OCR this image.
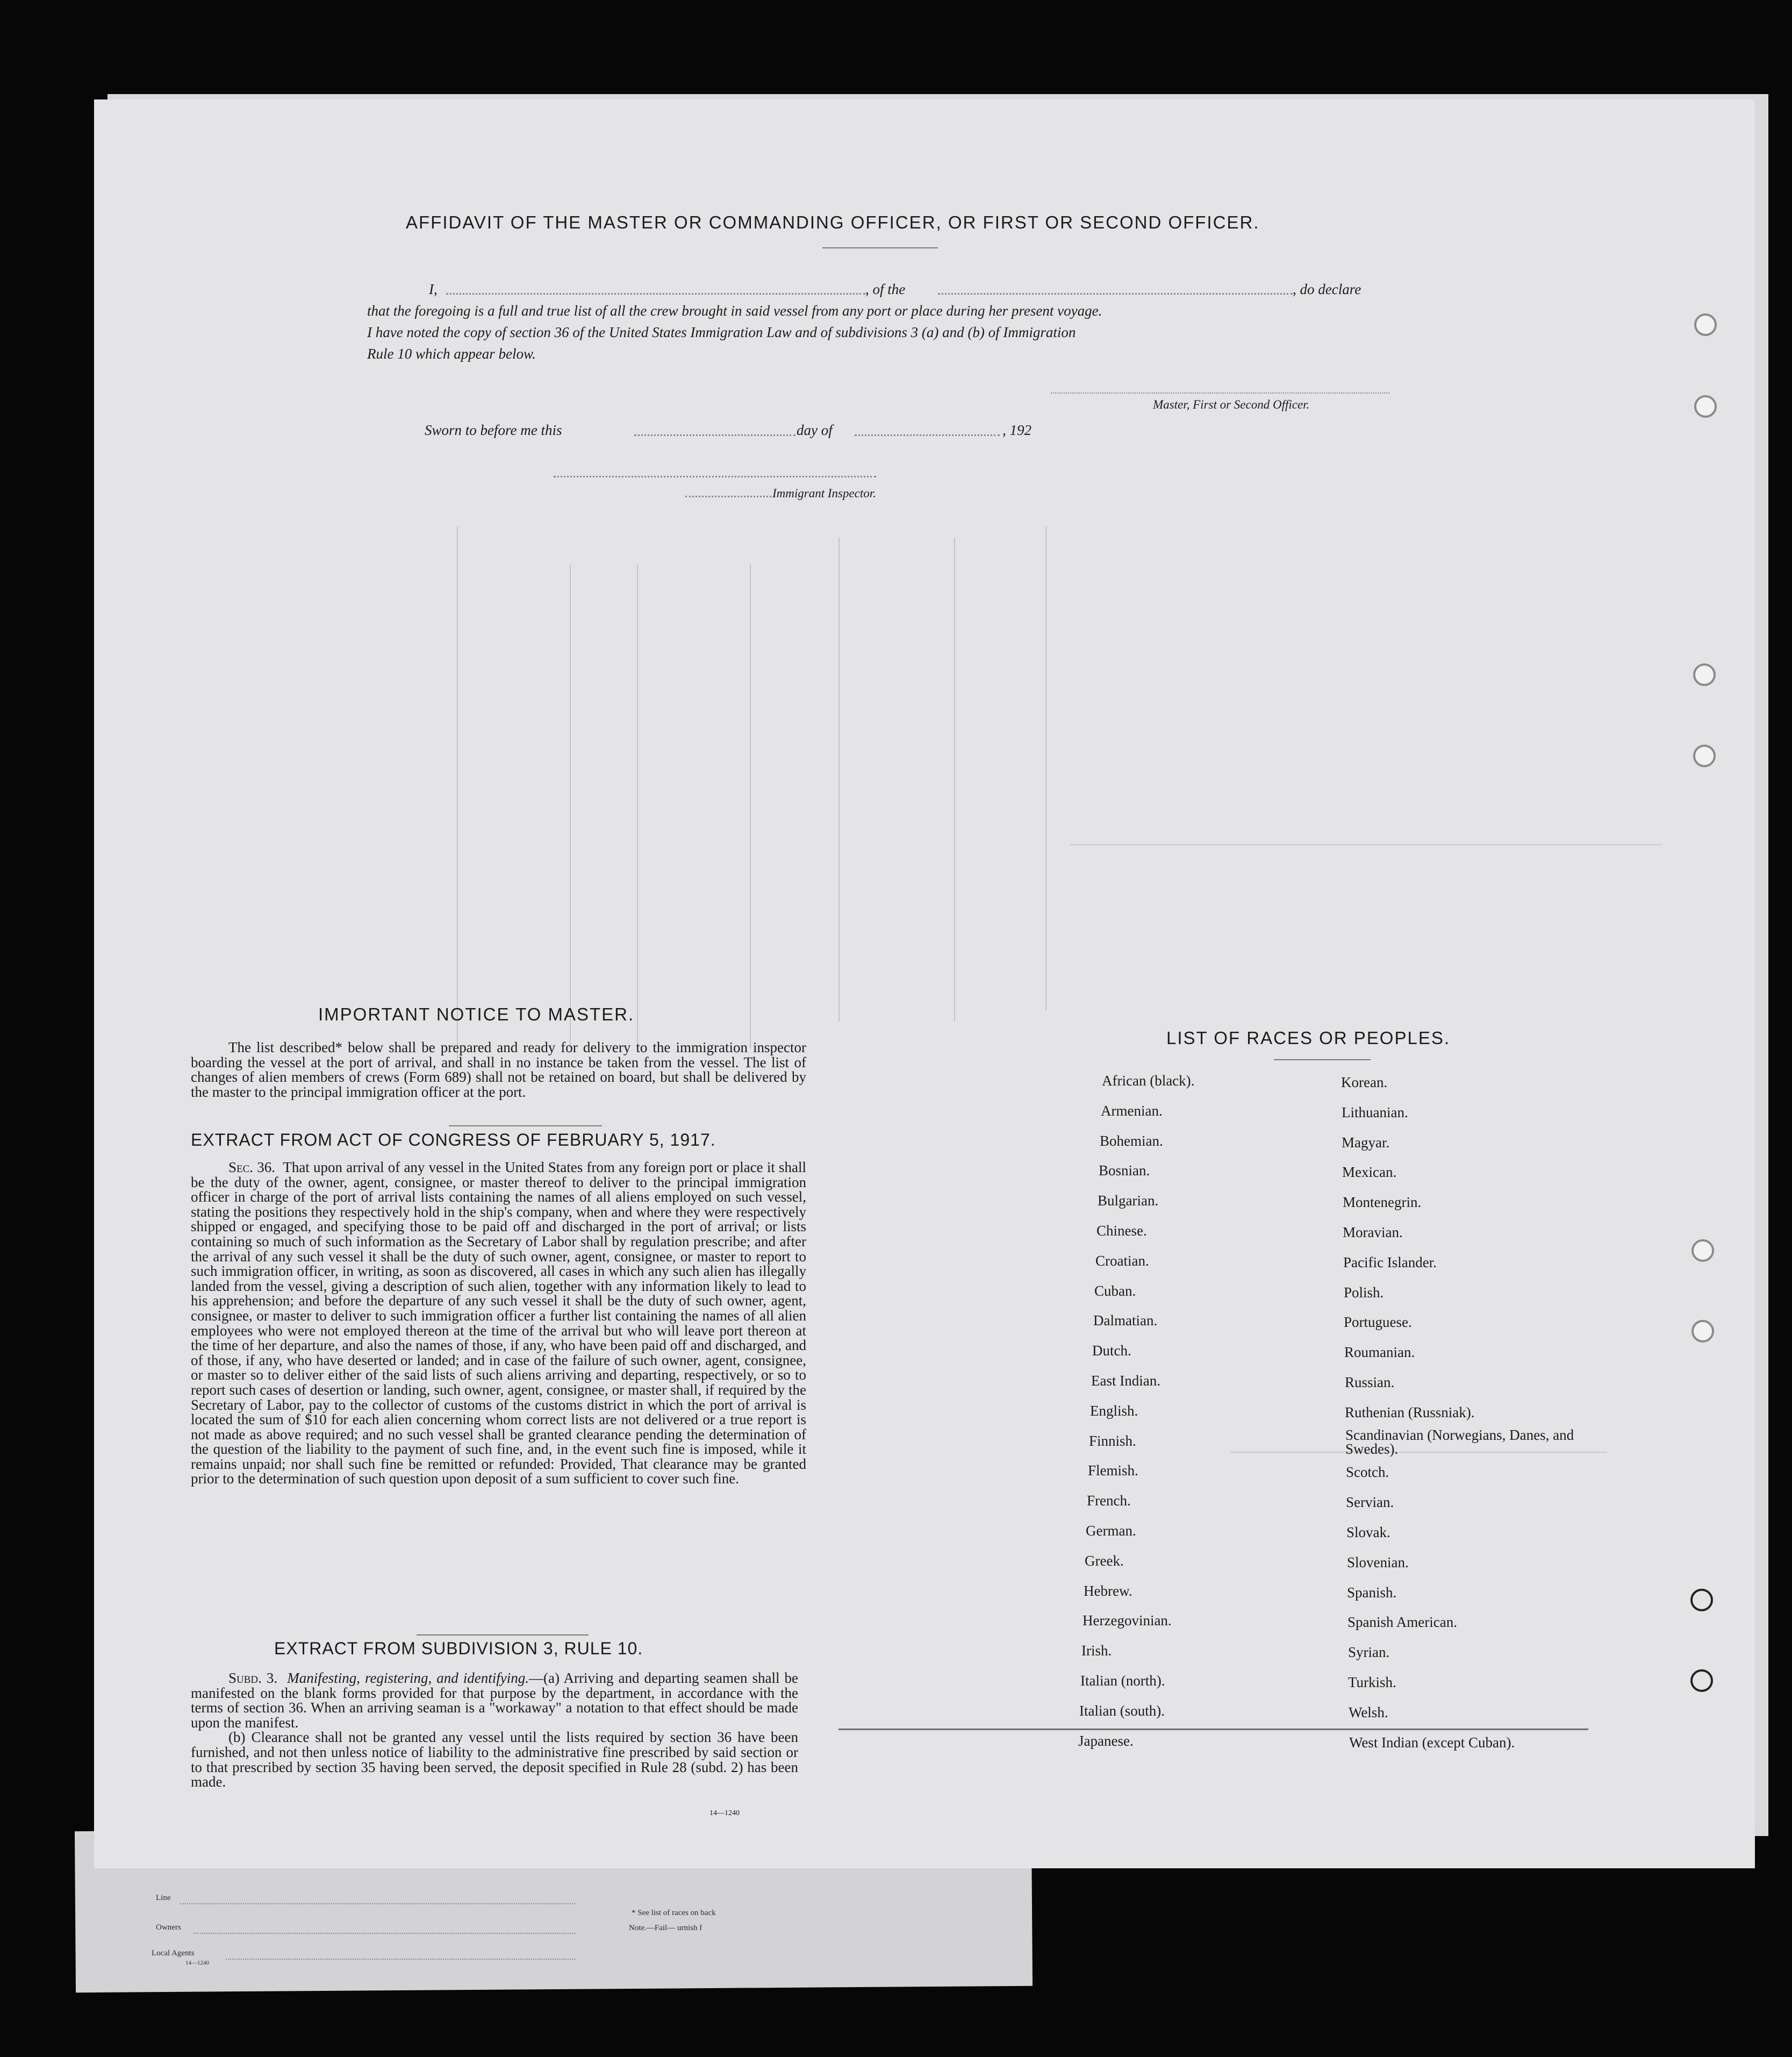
AFFIDAVIT OF THE MASTER OR COMMANDING OFFICER, OR FIRST OR SECOND OFFICER.
I,	, of the	, do declare
that the foregoing is a full and true list of all the crew brought in said vessel from any port or place during her present voyage.
I have noted the copy of section 36 of the United States Immigration Law and of subdivisions 3 (a) and (b) of Immigration
Rule 10 which appear below.
Master, First or Second Officer.
Sworn to before me this	day of	, 192
Immigrant Inspector.
IMPORTANT NOTICE TO MASTER.
The list described* below shall be prepared and ready for delivery to the immigration inspector boarding the vessel at the port of arrival, and shall in no instance be taken from the vessel. The list of changes of alien members of crews (Form 689) shall not be retained on board, but shall be delivered by the master to the principal immigration officer at the port.
EXTRACT FROM ACT OF CONGRESS OF FEBRUARY 5, 1917.
Sec. 36. That upon arrival of any vessel in the United States from any foreign port or place it shall be the duty of the owner, agent, consignee, or master thereof to deliver to the principal immigration officer in charge of the port of arrival lists containing the names of all aliens employed on such vessel, stating the positions they respectively hold in the ship's company, when and where they were respectively shipped or engaged, and specifying those to be paid off and discharged in the port of arrival; or lists containing so much of such information as the Secretary of Labor shall by regulation prescribe; and after the arrival of any such vessel it shall be the duty of such owner, agent, consignee, or master to report to such immigration officer, in writing, as soon as discovered, all cases in which any such alien has illegally landed from the vessel, giving a description of such alien, together with any information likely to lead to his apprehension; and before the departure of any such vessel it shall be the duty of such owner, agent, consignee, or master to deliver to such immigration officer a further list containing the names of all alien employees who were not employed thereon at the time of the arrival but who will leave port thereon at the time of her departure, and also the names of those, if any, who have been paid off and discharged, and of those, if any, who have deserted or landed; and in case of the failure of such owner, agent, consignee, or master so to deliver either of the said lists of such aliens arriving and departing, respectively, or so to report such cases of desertion or landing, such owner, agent, consignee, or master shall, if required by the Secretary of Labor, pay to the collector of customs of the customs district in which the port of arrival is located the sum of $10 for each alien concerning whom correct lists are not delivered or a true report is not made as above required; and no such vessel shall be granted clearance pending the determination of the question of the liability to the payment of such fine, and, in the event such fine is imposed, while it remains unpaid; nor shall such fine be remitted or refunded: Provided, That clearance may be granted prior to the determination of such question upon deposit of a sum sufficient to cover such fine.
EXTRACT FROM SUBDIVISION 3, RULE 10.
Subd. 3. Manifesting, registering, and identifying.—(a) Arriving and departing seamen shall be manifested on the blank forms provided for that purpose by the department, in accordance with the terms of section 36. When an arriving seaman is a "workaway" a notation to that effect should be made upon the manifest.
(b) Clearance shall not be granted any vessel until the lists required by section 36 have been furnished, and not then unless notice of liability to the administrative fine prescribed by said section or to that prescribed by section 35 having been served, the deposit specified in Rule 28 (subd. 2) has been made.
14—1240
LIST OF RACES OR PEOPLES.
African (black).
Armenian.
Bohemian.
Bosnian.
Bulgarian.
Chinese.
Croatian.
Cuban.
Dalmatian.
Dutch.
East Indian.
English.
Finnish.
Flemish.
French.
German.
Greek.
Hebrew.
Herzegovinian.
Irish.
Italian (north).
Italian (south).
Japanese.
Korean.
Lithuanian.
Magyar.
Mexican.
Montenegrin.
Moravian.
Pacific Islander.
Polish.
Portuguese.
Roumanian.
Russian.
Ruthenian (Russniak).
Scandinavian (Norwegians, Danes, and Swedes).
Scotch.
Servian.
Slovak.
Slovenian.
Spanish.
Spanish American.
Syrian.
Turkish.
Welsh.
West Indian (except Cuban).
Line
Owners
Local Agents
14—1240
* See list of races on back
Note.—Fail— urnish f
